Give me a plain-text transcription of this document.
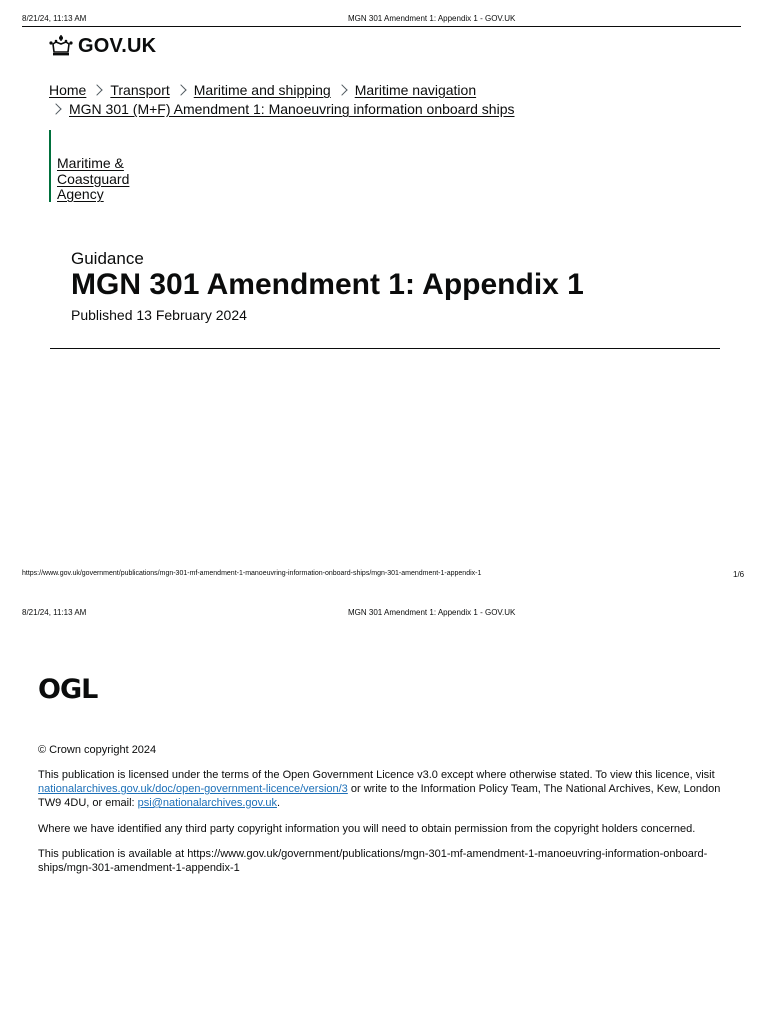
8/21/24, 11:13 AM	MGN 301 Amendment 1: Appendix 1 - GOV.UK
GOV.UK
Home Transport Maritime and shipping Maritime navigation
MGN 301 (M+F) Amendment 1: Manoeuvring information onboard ships
Maritime &
Coastguard
Agency
Guidance
MGN 301 Amendment 1: Appendix 1
Published 13 February 2024
https://www.gov.uk/government/publications/mgn-301-mf-amendment-1-manoeuvring-information-onboard-ships/mgn-301-amendment-1-appendix-1	1/6
8/21/24, 11:13 AM	MGN 301 Amendment 1: Appendix 1 - GOV.UK
OGL
© Crown copyright 2024
This publication is licensed under the terms of the Open Government Licence v3.0 except where otherwise stated. To view this licence, visit nationalarchives.gov.uk/doc/open-government-licence/version/3 or write to the Information Policy Team, The National Archives, Kew, London TW9 4DU, or email: psi@nationalarchives.gov.uk.
Where we have identified any third party copyright information you will need to obtain permission from the copyright holders concerned.
This publication is available at https://www.gov.uk/government/publications/mgn-301-mf-amendment-1-manoeuvring-information-onboard-ships/mgn-301-amendment-1-appendix-1
